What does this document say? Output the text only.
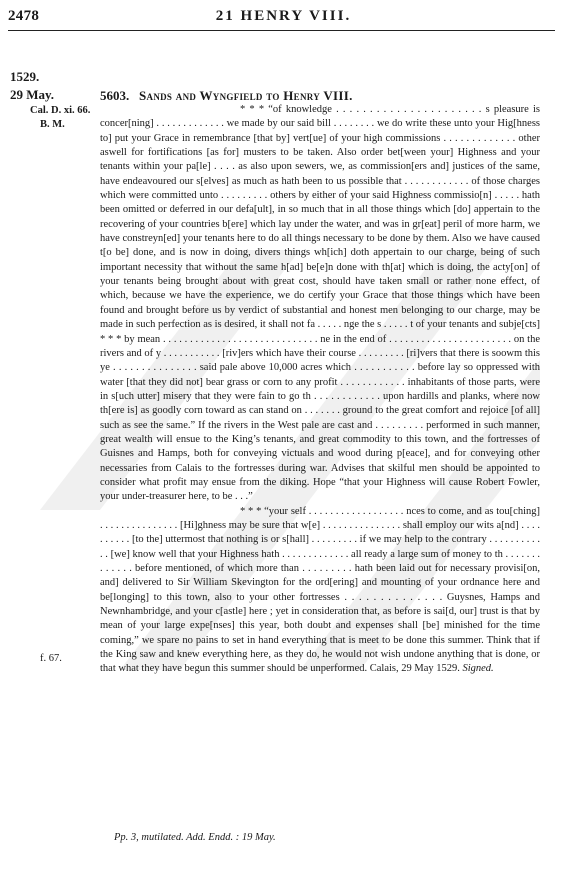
2478	21 HENRY VIII.
1529.
29 May.
Cal. D. xi. 66.
B. M.
f. 67.
5603. Sands and Wyngfield to Henry VIII.
* * * “of knowledge . . . . . . . . . . . . . . . . . . . . . . s pleasure is concer[ning] . . . . . . . . . . . . . we made by our said bill . . . . . . . . we do write these unto your Hig[hness to] put your Grace in remembrance [that by] vert[ue] of your high commissions . . . . . . . . . . . . . other aswell for fortifications [as for] musters to be taken. Also order bet[ween your] Highness and your tenants within your pa[le] . . . . as also upon sewers, we, as commission[ers and] justices of the same, have endeavoured our s[elves] as much as hath been to us possible that . . . . . . . . . . . . of those charges which were committed unto . . . . . . . . . others by either of your said Highness commissio[n] . . . . . hath been omitted or deferred in our defa[ult], in so much that in all those things which [do] appertain to the recovering of your countries b[ere] which lay under the water, and was in gr[eat] peril of more harm, we have constreyn[ed] your tenants here to do all things necessary to be done by them. Also we have caused t[o be] done, and is now in doing, divers things wh[ich] doth appertain to our charge, being of such important necessity that without the same h[ad] be[e]n done with th[at] which is doing, the acty[on] of your tenants being brought about with great cost, should have taken small or rather none effect, of which, because we have the experience, we do certify your Grace that those things which have been found and brought before us by verdict of substantial and honest men belonging to our charge, may be made in such perfection as is desired, it shall not fa . . . . . nge the s . . . . . t of your tenants and subje[cts] * * * by mean . . . . . . . . . . . . . . . . . . . . . . . . . . . . . ne in the end of . . . . . . . . . . . . . . . . . . . . . . . on the rivers and of y . . . . . . . . . . . [riv]ers which have their course . . . . . . . . . [ri]vers that there is soowm this ye . . . . . . . . . . . . . . . said pale above 10,000 acres which . . . . . . . . . . . before lay so oppressed with water [that they did not] bear grass or corn to any profit . . . . . . . . . . . . inhabitants of those parts, were in s[uch utter] misery that they were fain to go th . . . . . . . . . . . . upon hardills and planks, where now th[ere is] as goodly corn toward as can stand on . . . . . . . ground to the great comfort and rejoice [of all] such as see the same.” If the rivers in the West pale are cast and . . . . . . . . . performed in such manner, great wealth will ensue to the King’s tenants, and great commodity to this town, and the fortresses of Guisnes and Hamps, both for conveying victuals and wood during p[eace], and for conveying other necessaries from Calais to the fortresses during war. Advises that skilful men should be appointed to consider what profit may ensue from the diking. Hope “that your Highness will cause Robert Fowler, your under-treasurer here, to be . . .”
* * * “your self . . . . . . . . . . . . . . . . . . nces to come, and as tou[ching] . . . . . . . . . . . . . . . [Hi]ghness may be sure that w[e] . . . . . . . . . . . . . . . shall employ our wits a[nd] . . . . . . . . . . [to the] uttermost that nothing is or s[hall] . . . . . . . . . if we may help to the contrary . . . . . . . . . . . . [we] know well that your Highness hath . . . . . . . . . . . . . all ready a large sum of money to th . . . . . . . . . . . . . before mentioned, of which more than . . . . . . . . . hath been laid out for necessary provisi[on, and] delivered to Sir William Skevington for the ord[ering] and mounting of your ordnance here and be[longing] to this town, also to your other fortresses . . . . . . . . . . . . . . Guysnes, Hamps and Newnhambridge, and your c[astle] here ; yet in consideration that, as before is sai[d, our] trust is that by mean of your large expe[nses] this year, both doubt and expenses shall [be] minished for the time coming,” we spare no pains to set in hand everything that is meet to be done this summer. Think that if the King saw and knew everything here, as they do, he would not wish undone anything that is done, or that what they have begun this summer should be unperformed. Calais, 29 May 1529. Signed.
Pp. 3, mutilated. Add. Endd. : 19 May.
